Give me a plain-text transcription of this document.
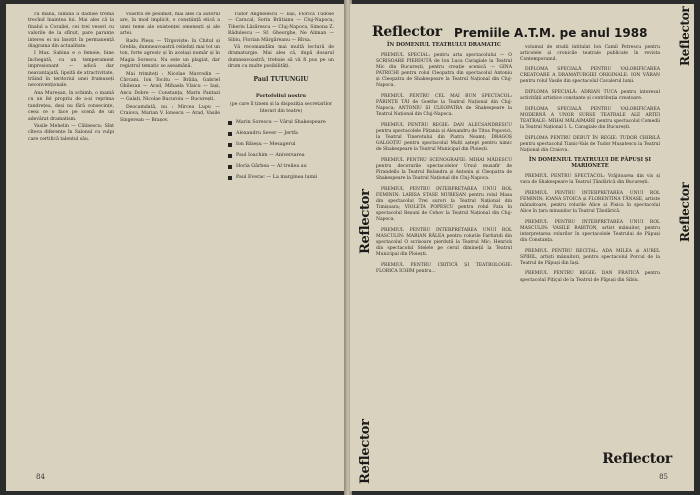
cu mâna, lumina îi dăduse tremă trecînd înaintea lui. Mai ales că la finalul a Coraliei, cei trei veseri cu valorile de la sfîrșit, pare paranțe interes ei nu însoțit în permanență diagrama din actualitate.

I Max. Sabina e o femeie, bine închegată, cu un temperament impresionant — adică dar neavantajată, lipsită de atractivitate, trăind în teritoriul unei frumuseți neconvenționale.

Ana Mureșan, în schimb, o mamă cu un fel propriu de a-și reprima tandrețea, deși nu fără consecințe, ceea ce o face pe scenă de un adevărat dramatism.

Vasile Mehelin — Călinescu: Sînt cîteva diferențe în Salonul cu vulpi care certifică talentul său.

voastră de pesimist, mai ales că autorul are, în mod implicit, o conștiință etică a unei teme ale existenței omenești și ale artei.

Radu Pleșu — Tîrgoviște: în Chitul și Grebla, dumneavoastră reliefați mai tot un ton, forte agresiv și în același număr și în Magia Sorescu. Nu este un plagiat, dar registrul tematic se aseamănă.

Mai trimiteți : Nicolae Mavrodin — Cărcani, Ion Tocitu — Brăila, Gabriel Ghilezan — Arad, Mihaela Vlaicu — Iași, Anca Dobre — Constanța, Marin Pantazi — Galați, Nicolae Bucuroiu — București.

Deocamdată, nu : Mircea Lupu — Craiova, Marian V. Ionescu — Arad, Vasile Singerean — Brașov.

Tudor Anghelescu — Iași, Florică Tudose — Caracal, Sorin Brătianu — Cluj-Napoca, Tiberiu Lăzărescu — Cluj-Napoca, Simona Z. Rădulescu — Sf. Gheorghe, Ne Aliman — Sibiu, Florian Mărgăreanu — Bîrsa.

Vă recomandăm mai multă lectură de dramaturgie. Mai ales că, după dosarul dumneavoastră, trebuie să vă fi pus pe un drum cu multe posibilități.

Paul TUTUNGIU
Portofoliul nostru

(pe care îl ținem și la dispoziția secretarilor literari din teatre)

Marin Sorescu — Vărul Shakespeare
Alexandru Sever — Jertfa
Ion Băieșu — Mesagerul
Paul Ioachim — Aniversarea
Horia Gârbea — Al treilea au
Paul Everac — La marginea lumii
84
Reflector Premiile A.T.M. pe anul 1988
Reflector
Reflector
Reflector
Reflector
ÎN DOMENIUL TEATRULUI DRAMATIC

PREMIUL SPECIAL: pentru arta spectacolului — O SCRISOARE PIERDUTĂ de Ion Luca Caragiale la Teatrul Mic din București, pentru creație scenică — GINA PATRICHI pentru rolul Cleopatra din spectacolul Antoniu și Cleopatra de Shakespeare la Teatrul Național din Cluj-Napoca.

PREMIUL PENTRU CEL MAI BUN SPECTACOL: PĂRINȚII TĂI de Goethe la Teatrul Național din Cluj-Napoca; ANTONIU ȘI CLEOPATRA de Shakespeare la Teatrul Național din Cluj-Napoca.

PREMIUL PENTRU REGIE: DAN ALECSANDRESCU pentru spectacolele Pățania și Alexandru de Titus Popovici, la Teatrul Tineretului din Piatra Neamț; DRAGOȘ GALGOȚIU pentru spectacolul Mulți aștept pentru nimic de Shakespeare la Teatrul Municipal din Ploiești.

PREMIUL PENTRU SCENOGRAFIE: MIHAI MĂDESCU pentru decorurile spectacolelor Ursul musafir de Pirandello la Teatrul Bulandra și Antoniu și Cleopatra de Shakespeare la Teatrul Național din Cluj-Napoca.

PREMIUL PENTRU INTERPRETAREA UNUI ROL FEMININ: LARISA STASE MUREȘAN pentru rolul Masa din spectacolul Trei surori la Teatrul Național din Timișoara; VIOLETA POPESCU pentru rolul Fata în spectacolul Reșuni de Cehov la Teatrul Național din Cluj-Napoca.

PREMIUL PENTRU INTERPRETAREA UNUI ROL MASCULIN: MARIAN RĂLEA pentru rolurile Farfuridi din spectacolul O scrisoare pierdută la Teatrul Mic; Henrick din spectacolul Stelele pe cerul dimineții la Teatrul Municipal din Ploiești.

PREMIUL PENTRU CRITICĂ ȘI TEATROLOGIE: FLORICA ICHIM pentru...

volumul de studii intitulat Ion Camil Petrescu pentru articolele și cronicile teatrale publicate în revista Contemporanul.

DIPLOMA SPECIALĂ PENTRU VALORIFICAREA CREATOARE A DRAMATURGIEI ORIGINALE: ION VĂRAN pentru rolul Vasile din spectacolul Cavalerul lunii.

DIPLOMA SPECIALĂ: ADRIAN TUCA pentru interesul activității artistice constante și contribuția creatoare.

DIPLOMA SPECIALĂ PENTRU VALORIFICAREA MODERNĂ A UNOR SURSE TEATRALE ALE ARTEI TEATRALE: MIHAI MĂLAIMARE pentru spectacolul Comedii la Teatrul Național I. L. Caragiale din București.

DIPLOMA PENTRU DEBUT ÎN REGIE: TUDOR CHIRILĂ pentru spectacolul Tianic-Vals de Tudor Mușatescu la Teatrul Național din Craiova.

ÎN DOMENIUL TEATRULUI DE PĂPUȘI ȘI MARIONETE

PREMIUL PENTRU SPECTACOL: Vrăjitoarea din vis și vara de Shakespeare la Teatrul Țăndărică din București.

PREMIUL PENTRU INTERPRETAREA UNUI ROL FEMININ: IOANA STOICA și FLORENTINA TĂNASE, artiste mânuitoare, pentru rolurile Alice și Pisica în spectacolul Alice în țara minunilor la Teatrul Țăndărică.

PREMIUL PENTRU INTERPRETAREA UNUI ROL MASCULIN: VASILE RABITON, artist mânuitor, pentru interpretarea rolurilor în spectacolele Teatrului de Păpuși din Constanța.

PREMIUL PENTRU RECITAL: ADA MILEA și AUREL SPIRIL, artiști mânuitori, pentru spectacolul Porcul de la Teatrul de Păpuși din Iași.

PREMIUL PENTRU REGIE: DAN FRATICĂ pentru spectacolul Pițiçul de la Teatrul de Păpuși din Sibiu.

Reflector
85
